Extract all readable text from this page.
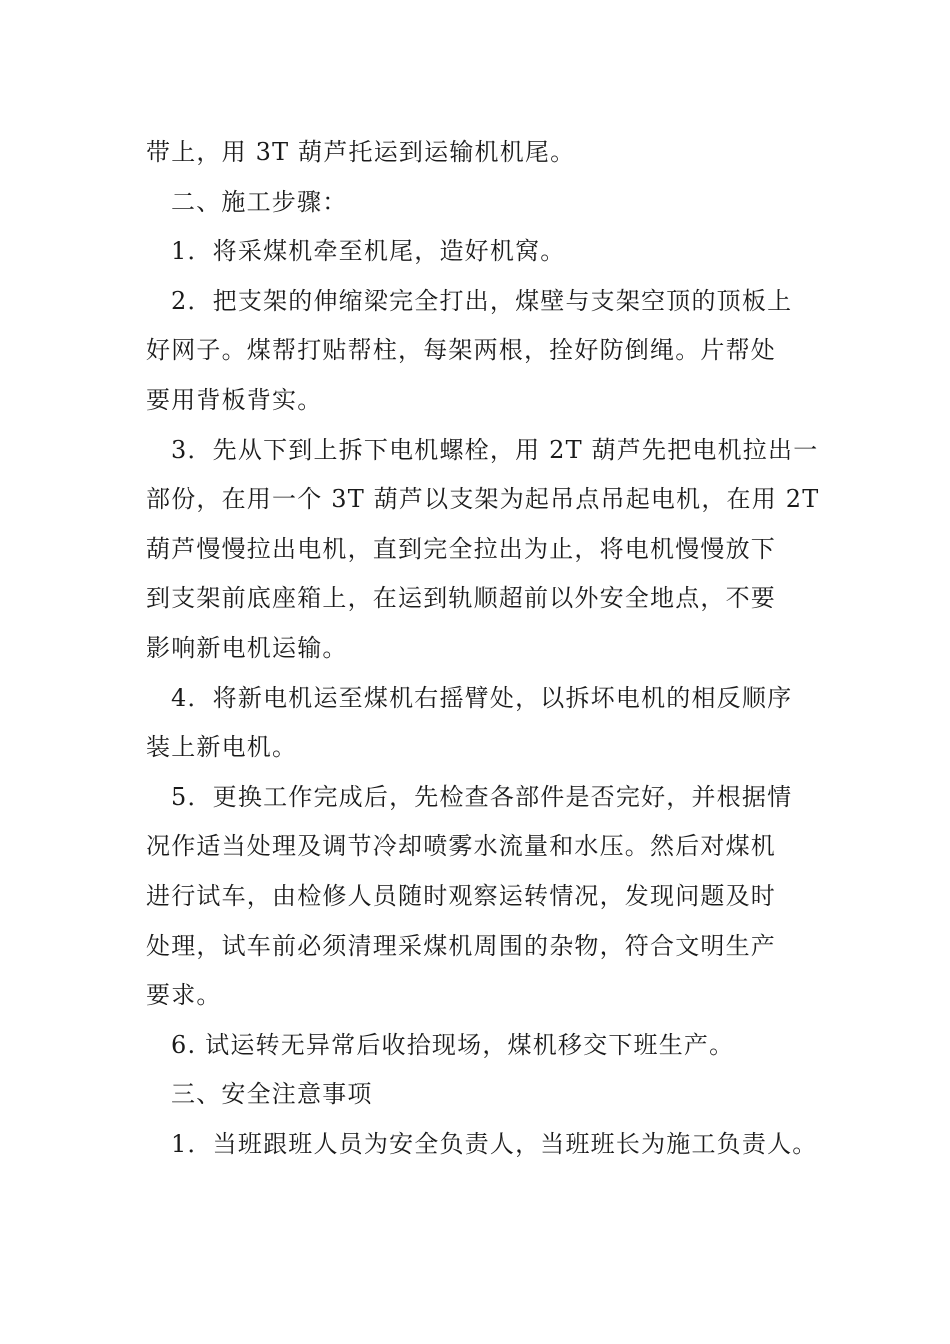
带上，用 3T 葫芦托运到运输机机尾。
二、施工步骤：
1．将采煤机牵至机尾，造好机窝。
2．把支架的伸缩梁完全打出，煤壁与支架空顶的顶板上
好网子。煤帮打贴帮柱，每架两根，拴好防倒绳。片帮处
要用背板背实。
3．先从下到上拆下电机螺栓，用 2T 葫芦先把电机拉出一
部份，在用一个 3T 葫芦以支架为起吊点吊起电机，在用 2T
葫芦慢慢拉出电机，直到完全拉出为止，将电机慢慢放下
到支架前底座箱上，在运到轨顺超前以外安全地点，不要
影响新电机运输。
4．将新电机运至煤机右摇臂处，以拆坏电机的相反顺序
装上新电机。
5．更换工作完成后，先检查各部件是否完好，并根据情
况作适当处理及调节冷却喷雾水流量和水压。然后对煤机
进行试车，由检修人员随时观察运转情况，发现问题及时
处理，试车前必须清理采煤机周围的杂物，符合文明生产
要求。
6. 试运转无异常后收拾现场，煤机移交下班生产。
三、安全注意事项
1．当班跟班人员为安全负责人，当班班长为施工负责人。
